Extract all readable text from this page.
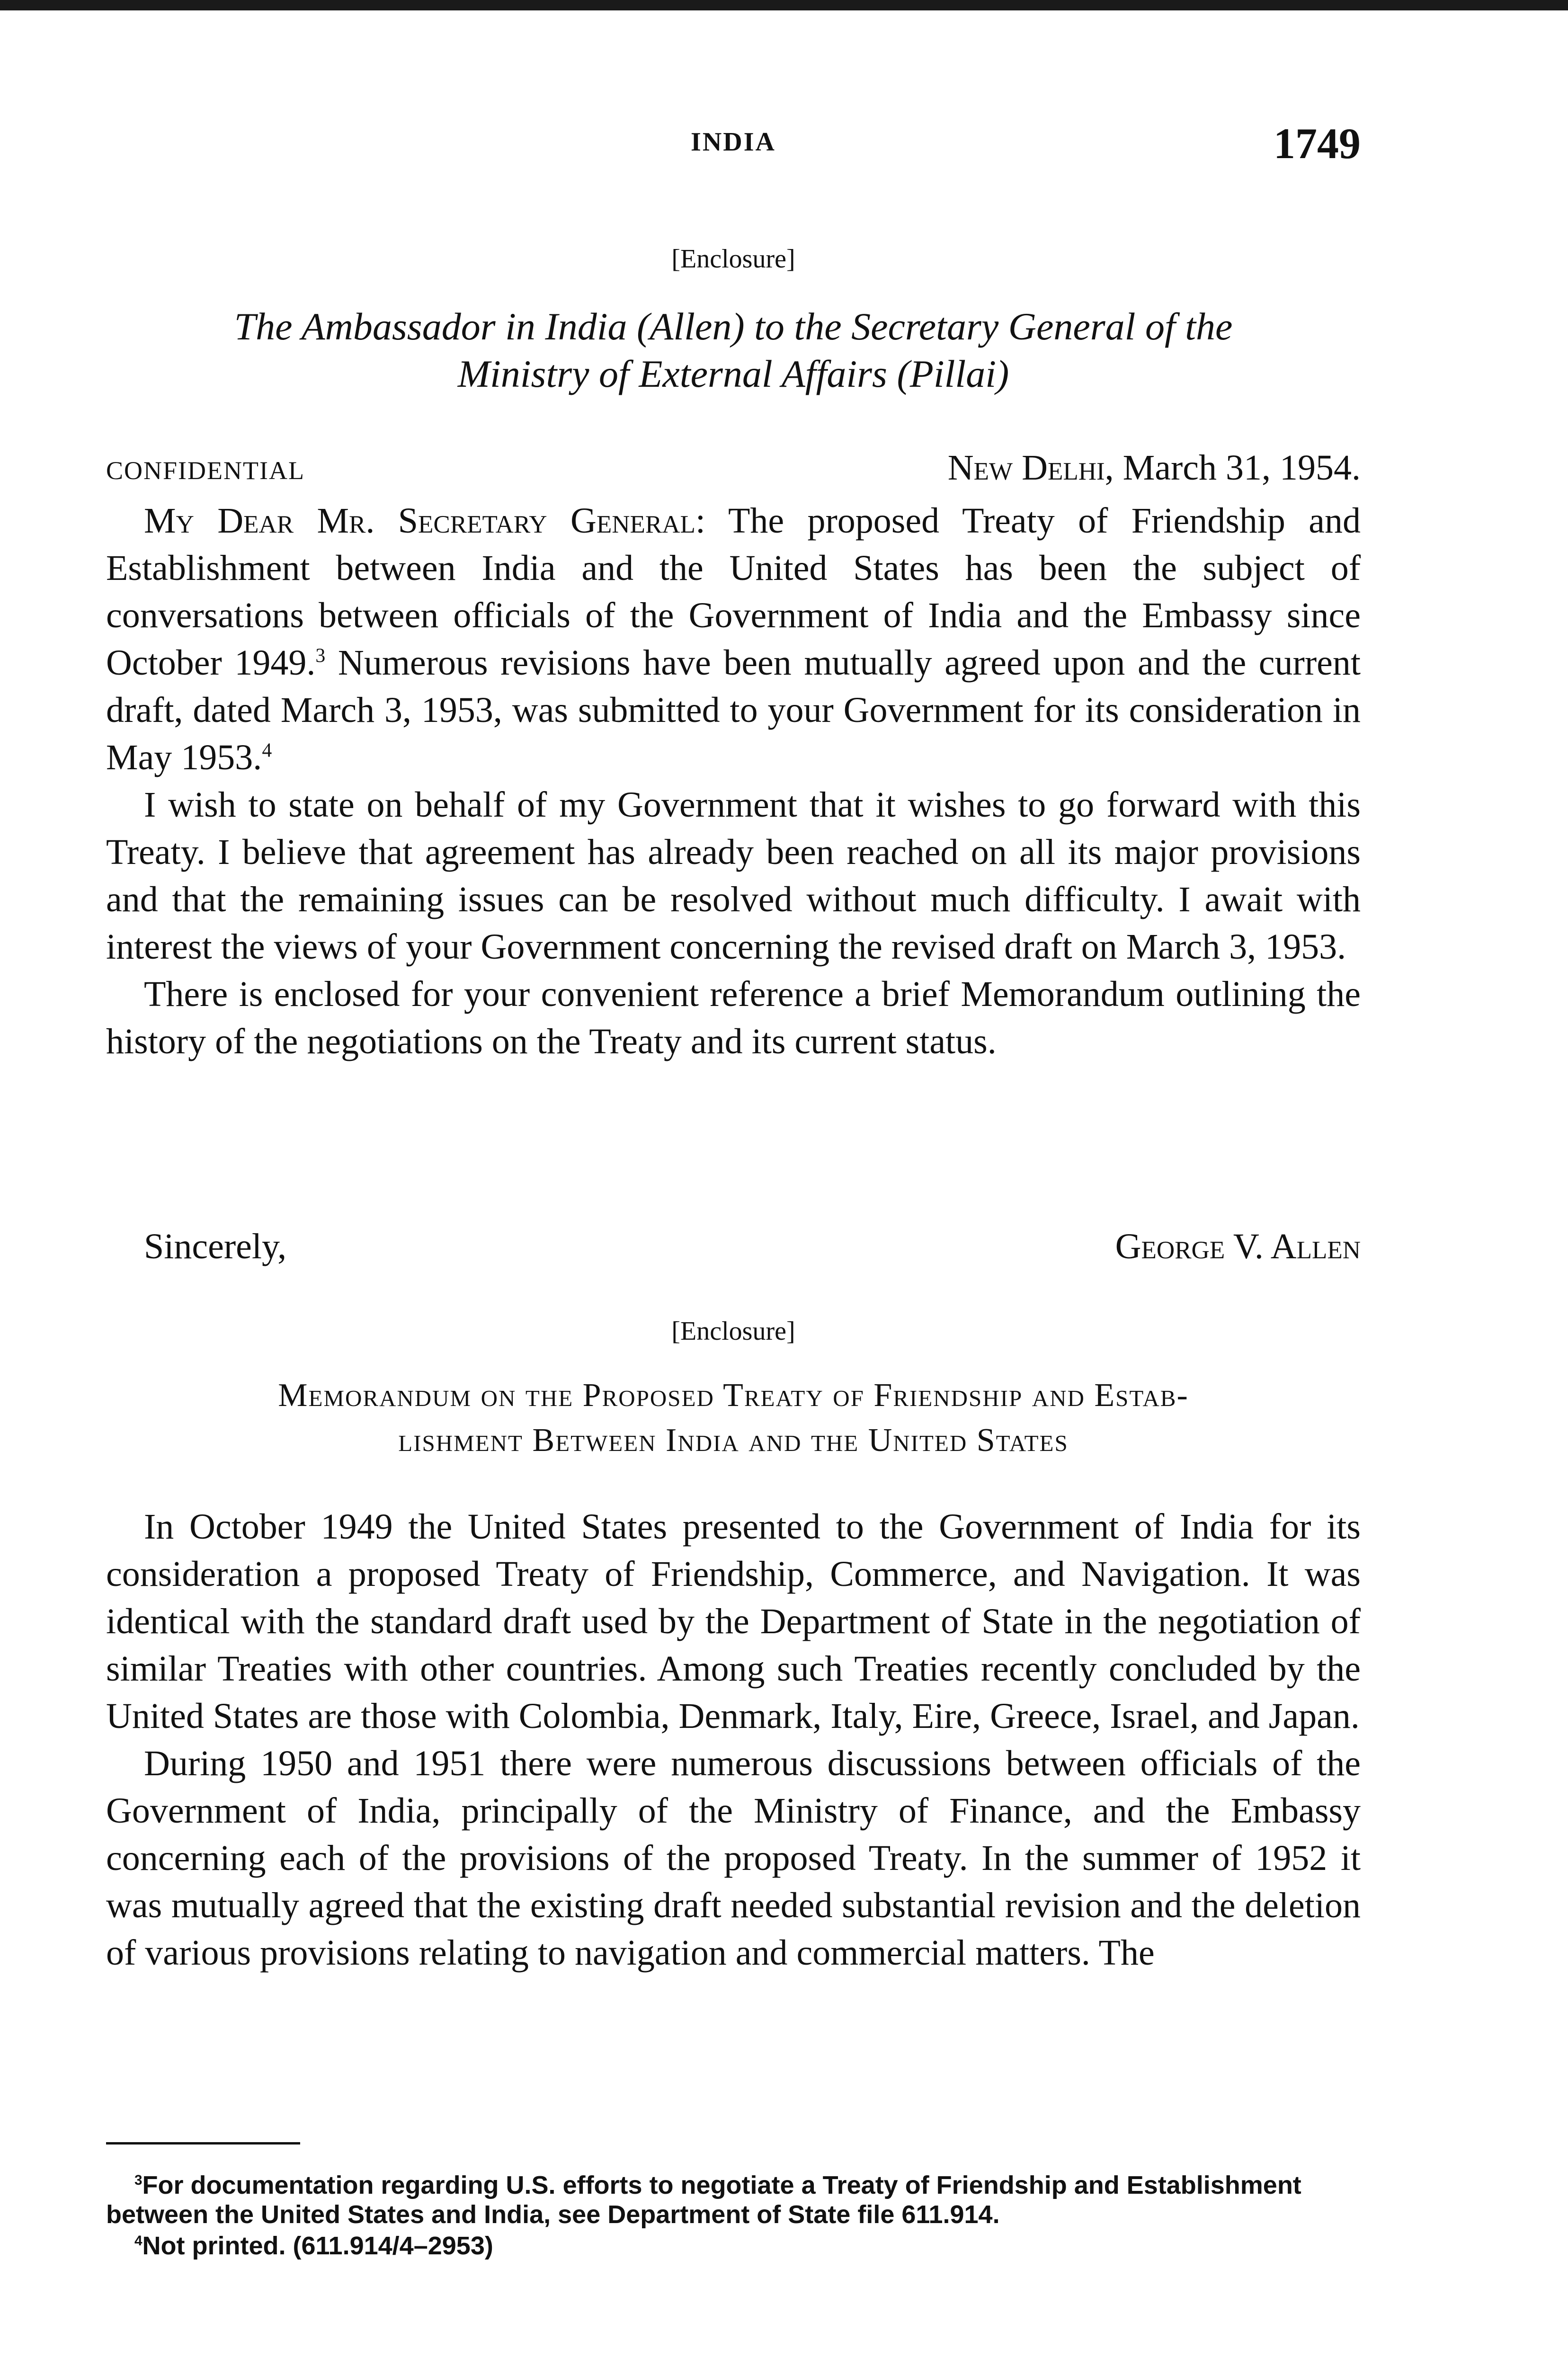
INDIA	1749
[Enclosure]
The Ambassador in India (Allen) to the Secretary General of the
Ministry of External Affairs (Pillai)
CONFIDENTIAL	New Delhi, March 31, 1954.

My Dear Mr. Secretary General: The proposed Treaty of Friendship and Establishment between India and the United States has been the subject of conversations between officials of the Government of India and the Embassy since October 1949.$^3$ Numerous revisions have been mutually agreed upon and the current draft, dated March 3, 1953, was submitted to your Government for its consideration in May 1953.$^4$

I wish to state on behalf of my Government that it wishes to go forward with this Treaty. I believe that agreement has already been reached on all its major provisions and that the remaining issues can be resolved without much difficulty. I await with interest the views of your Government concerning the revised draft on March 3, 1953.

There is enclosed for your convenient reference a brief Memorandum outlining the history of the negotiations on the Treaty and its current status.

Sincerely,	George V. Allen
[Enclosure]
Memorandum on the Proposed Treaty of Friendship and Estab-
lishment Between India and the United States

In October 1949 the United States presented to the Government of India for its consideration a proposed Treaty of Friendship, Commerce, and Navigation. It was identical with the standard draft used by the Department of State in the negotiation of similar Treaties with other countries. Among such Treaties recently concluded by the United States are those with Colombia, Denmark, Italy, Eire, Greece, Israel, and Japan.

During 1950 and 1951 there were numerous discussions between officials of the Government of India, principally of the Ministry of Finance, and the Embassy concerning each of the provisions of the proposed Treaty. In the summer of 1952 it was mutually agreed that the existing draft needed substantial revision and the deletion of various provisions relating to navigation and commercial matters. The

$^3$For documentation regarding U.S. efforts to negotiate a Treaty of Friendship and Establishment between the United States and India, see Department of State file 611.914.

$^4$Not printed. (611.914/4–2953)
